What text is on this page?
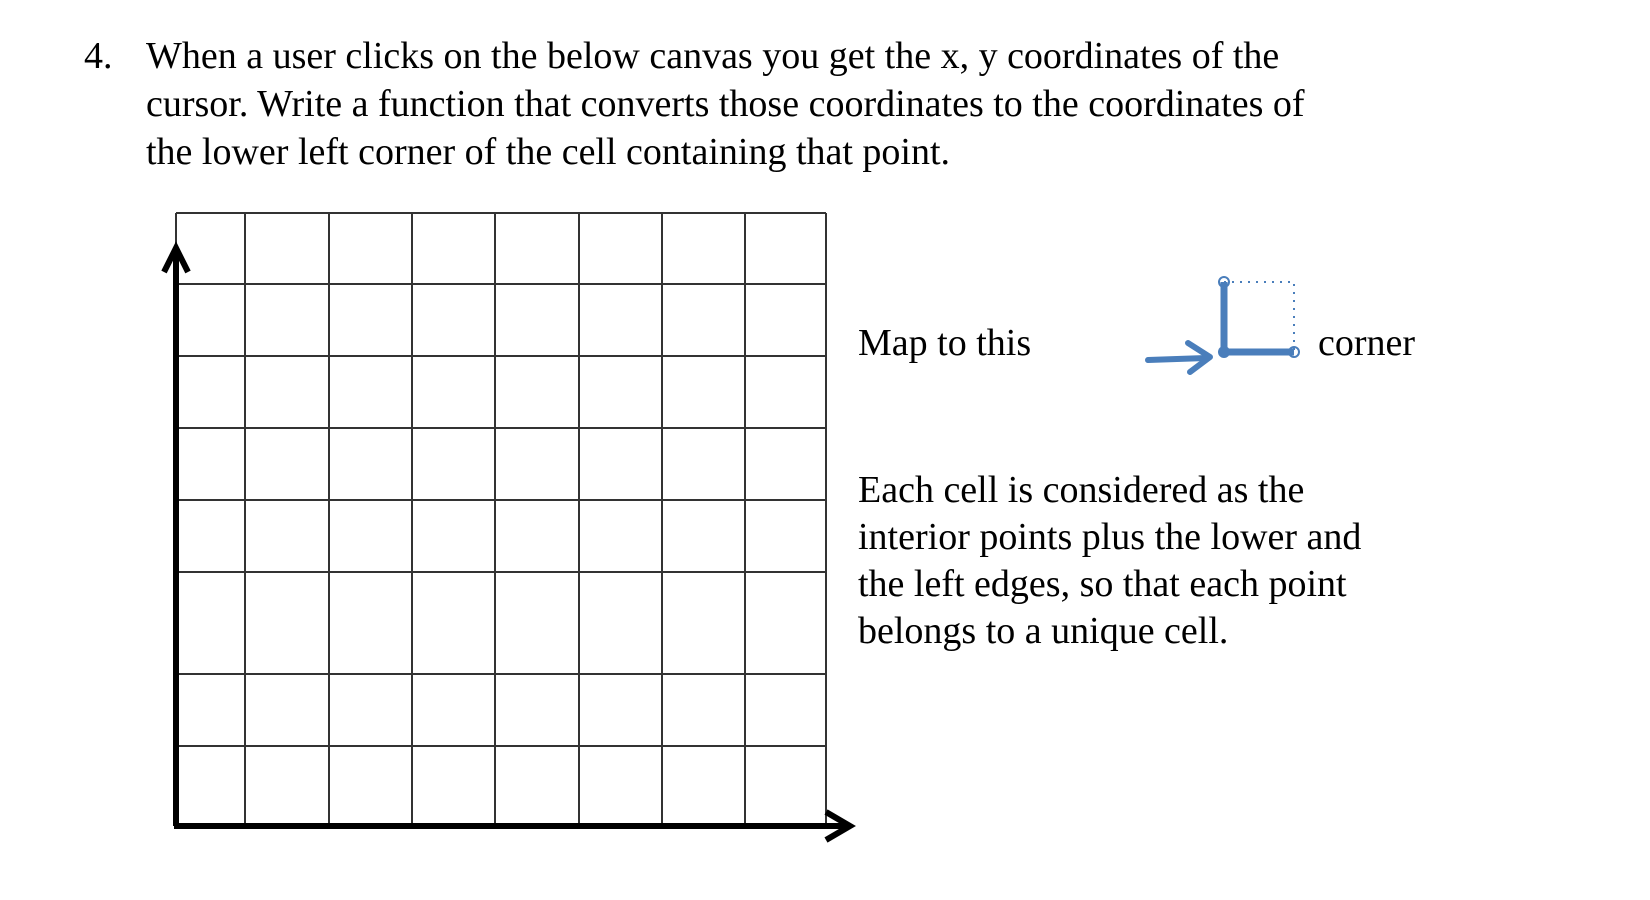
4. When a user clicks on the below canvas you get the x, y coordinates of the
cursor. Write a function that converts those coordinates to the coordinates of
the lower left corner of the cell containing that point.
Map to this	corner
Each cell is considered as the
interior points plus the lower and
the left edges, so that each point
belongs to a unique cell.
